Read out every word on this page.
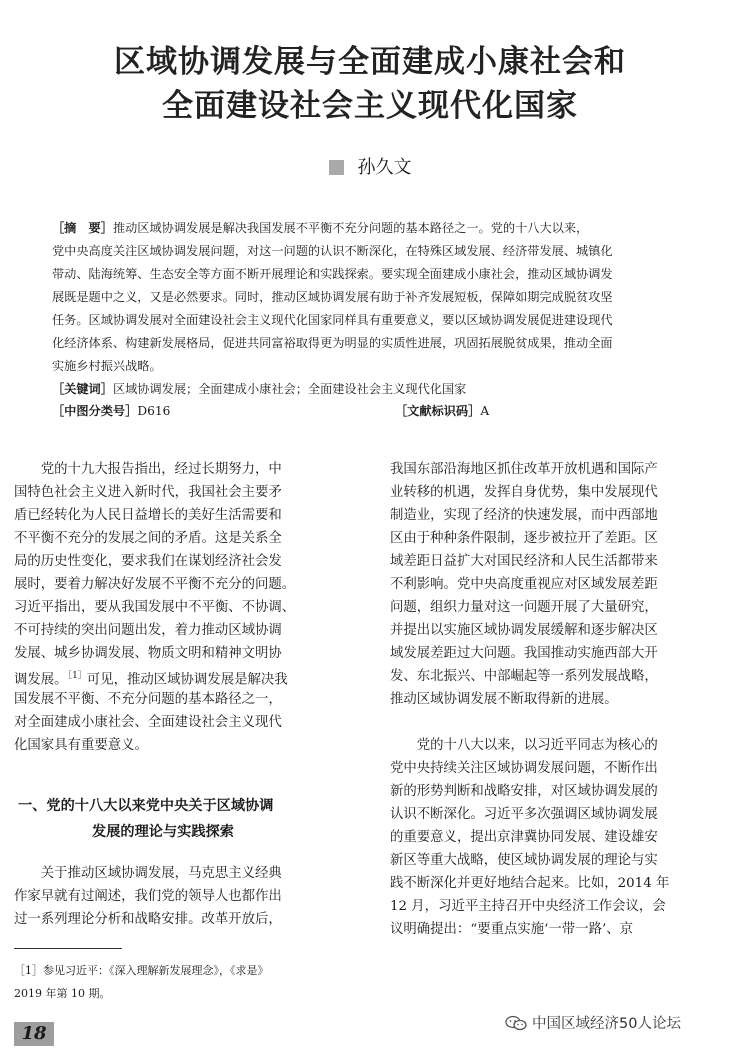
区域协调发展与全面建成小康社会和
全面建设社会主义现代化国家
孙久文
［摘　要］推动区域协调发展是解决我国发展不平衡不充分问题的基本路径之一。党的十八大以来，
党中央高度关注区域协调发展问题，对这一问题的认识不断深化，在特殊区域发展、经济带发展、城镇化
带动、陆海统筹、生态安全等方面不断开展理论和实践探索。要实现全面建成小康社会，推动区域协调发
展既是题中之义，又是必然要求。同时，推动区域协调发展有助于补齐发展短板，保障如期完成脱贫攻坚
任务。区域协调发展对全面建设社会主义现代化国家同样具有重要意义，要以区域协调发展促进建设现代
化经济体系、构建新发展格局，促进共同富裕取得更为明显的实质性进展，巩固拓展脱贫成果，推动全面
实施乡村振兴战略。
［关键词］区域协调发展；全面建成小康社会；全面建设社会主义现代化国家
［中图分类号］D616	［文献标识码］A
　　党的十九大报告指出，经过长期努力，中
国特色社会主义进入新时代，我国社会主要矛
盾已经转化为人民日益增长的美好生活需要和
不平衡不充分的发展之间的矛盾。这是关系全
局的历史性变化，要求我们在谋划经济社会发
展时，要着力解决好发展不平衡不充分的问题。
习近平指出，要从我国发展中不平衡、不协调、
不可持续的突出问题出发，着力推动区域协调
发展、城乡协调发展、物质文明和精神文明协
调发展。$^{[1]}$可见，推动区域协调发展是解决我
国发展不平衡、不充分问题的基本路径之一，
对全面建成小康社会、全面建设社会主义现代
化国家具有重要意义。
一、党的十八大以来党中央关于区域协调
发展的理论与实践探索
　　关于推动区域协调发展，马克思主义经典
作家早就有过阐述，我们党的领导人也都作出
过一系列理论分析和战略安排。改革开放后，
我国东部沿海地区抓住改革开放机遇和国际产
业转移的机遇，发挥自身优势，集中发展现代
制造业，实现了经济的快速发展，而中西部地
区由于种种条件限制，逐步被拉开了差距。区
域差距日益扩大对国民经济和人民生活都带来
不利影响。党中央高度重视应对区域发展差距
问题，组织力量对这一问题开展了大量研究，
并提出以实施区域协调发展缓解和逐步解决区
域发展差距过大问题。我国推动实施西部大开
发、东北振兴、中部崛起等一系列发展战略，
推动区域协调发展不断取得新的进展。
　　党的十八大以来，以习近平同志为核心的
党中央持续关注区域协调发展问题，不断作出
新的形势判断和战略安排，对区域协调发展的
认识不断深化。习近平多次强调区域协调发展
的重要意义，提出京津冀协同发展、建设雄安
新区等重大战略，使区域协调发展的理论与实
践不断深化并更好地结合起来。比如，2014 年
12 月，习近平主持召开中央经济工作会议，会
议明确提出：“要重点实施‘一带一路’、京
［1］参见习近平：《深入理解新发展理念》，《求是》
2019 年第 10 期。
18	中国区域经济50人论坛
